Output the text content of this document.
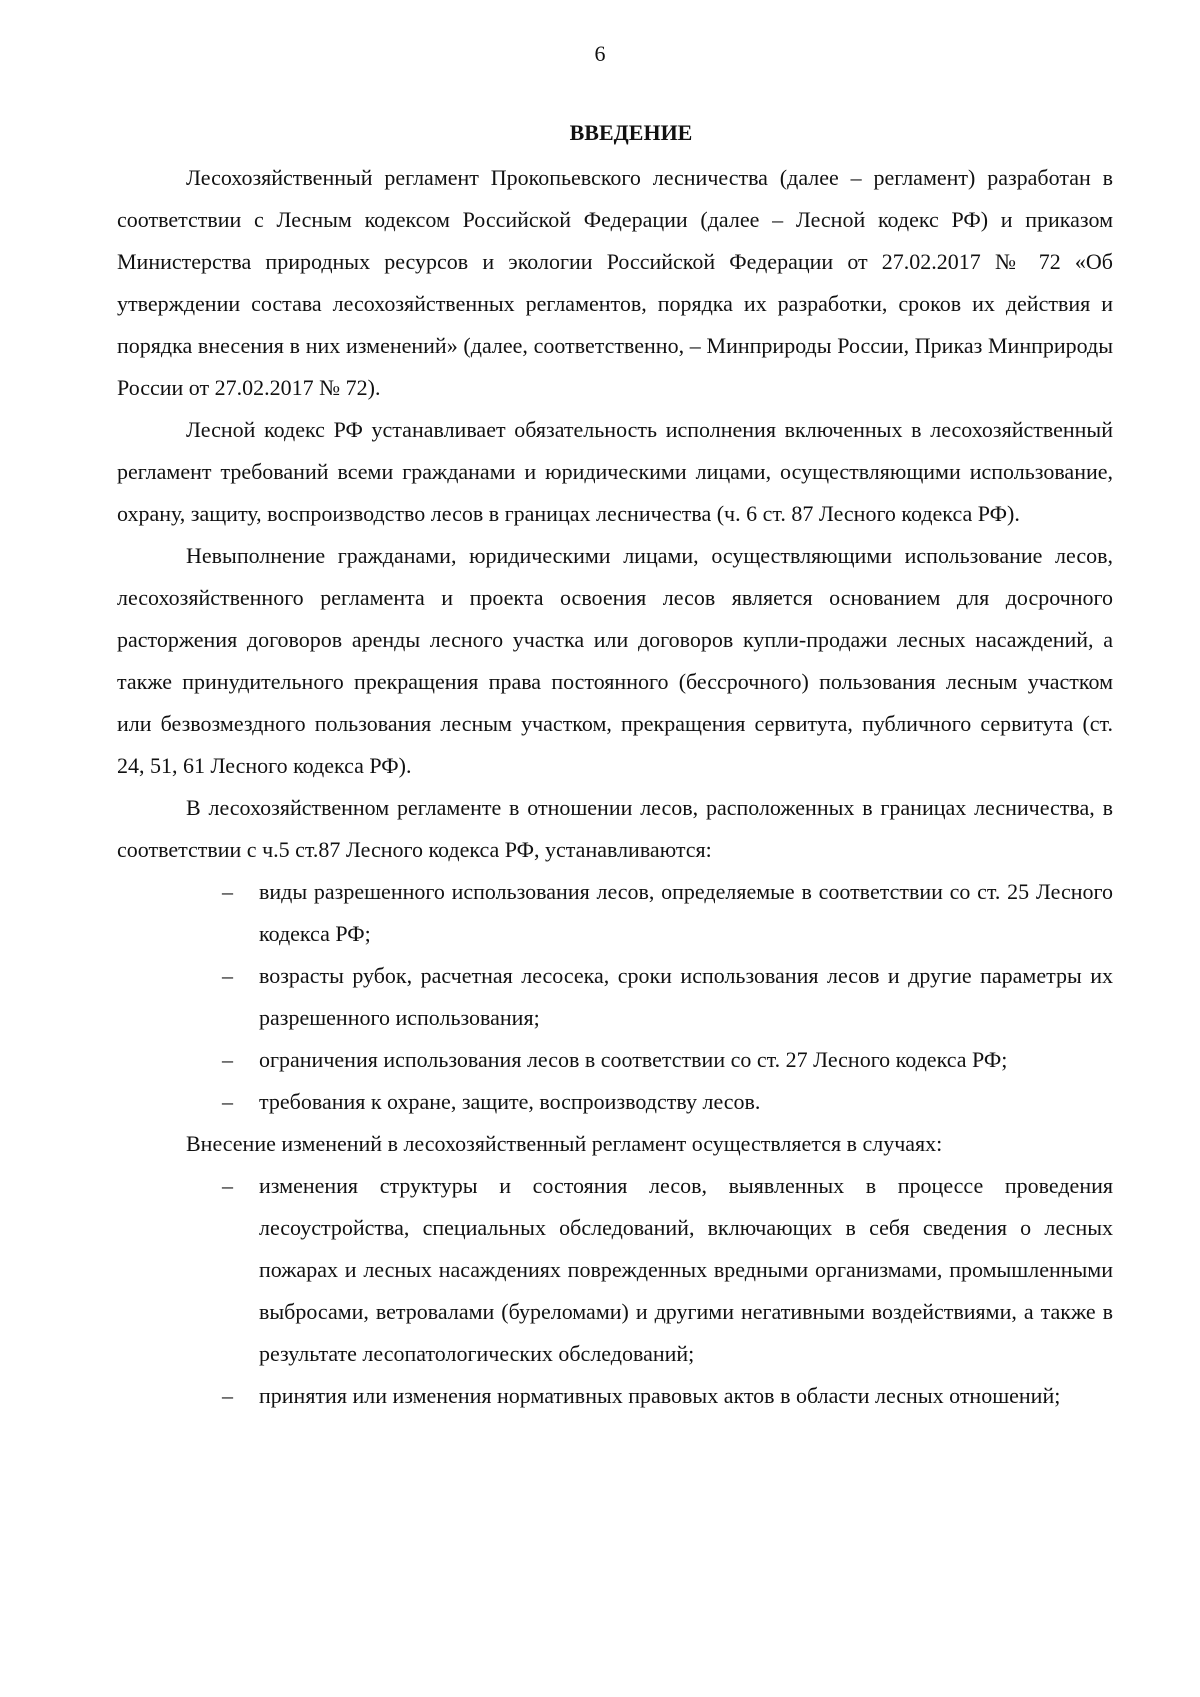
6
ВВЕДЕНИЕ

Лесохозяйственный регламент Прокопьевского лесничества (далее – регламент) разработан в соответствии с Лесным кодексом Российской Федерации (далее – Лесной кодекс РФ) и приказом Министерства природных ресурсов и экологии Российской Федерации от 27.02.2017 № 72 «Об утверждении состава лесохозяйственных регламентов, порядка их разработки, сроков их действия и порядка внесения в них изменений» (далее, соответственно, – Минприроды России, Приказ Минприроды России от 27.02.2017 № 72).

Лесной кодекс РФ устанавливает обязательность исполнения включенных в лесохозяйственный регламент требований всеми гражданами и юридическими лицами, осуществляющими использование, охрану, защиту, воспроизводство лесов в границах лесничества (ч. 6 ст. 87 Лесного кодекса РФ).

Невыполнение гражданами, юридическими лицами, осуществляющими использование лесов, лесохозяйственного регламента и проекта освоения лесов является основанием для досрочного расторжения договоров аренды лесного участка или договоров купли-продажи лесных насаждений, а также принудительного прекращения права постоянного (бессрочного) пользования лесным участком или безвозмездного пользования лесным участком, прекращения сервитута, публичного сервитута (ст. 24, 51, 61 Лесного кодекса РФ).

В лесохозяйственном регламенте в отношении лесов, расположенных в границах лесничества, в соответствии с ч.5 ст.87 Лесного кодекса РФ, устанавливаются:

– виды разрешенного использования лесов, определяемые в соответствии со ст. 25 Лесного кодекса РФ;
– возрасты рубок, расчетная лесосека, сроки использования лесов и другие параметры их разрешенного использования;
– ограничения использования лесов в соответствии со ст. 27 Лесного кодекса РФ;
– требования к охране, защите, воспроизводству лесов.

Внесение изменений в лесохозяйственный регламент осуществляется в случаях:

– изменения структуры и состояния лесов, выявленных в процессе проведения лесоустройства, специальных обследований, включающих в себя сведения о лесных пожарах и лесных насаждениях поврежденных вредными организмами, промышленными выбросами, ветровалами (буреломами) и другими негативными воздействиями, а также в результате лесопатологических обследований;
– принятия или изменения нормативных правовых актов в области лесных отношений;
